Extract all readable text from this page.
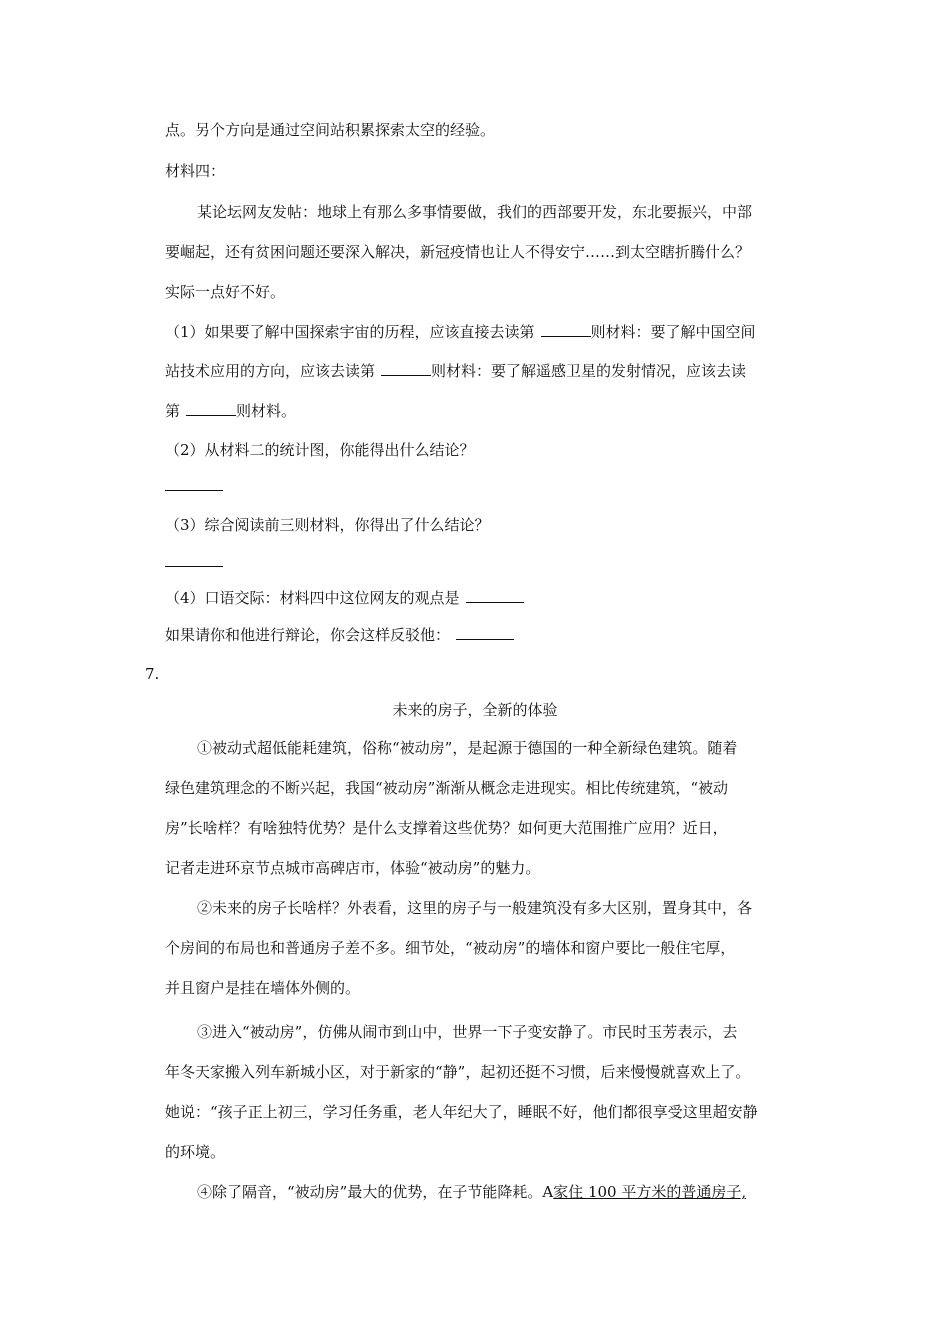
点。另个方向是通过空间站积累探索太空的经验。
材料四：
某论坛网友发帖：地球上有那么多事情要做，我们的西部要开发，东北要振兴，中部
要崛起，还有贫困问题还要深入解决，新冠疫情也让人不得安宁……到太空瞎折腾什么？
实际一点好不好。
（1）如果要了解中国探索宇宙的历程，应该直接去读第	则材料：要了解中国空间
站技术应用的方向，应该去读第	则材料：要了解遥感卫星的发射情况，应该去读
第	则材料。
（2）从材料二的统计图，你能得出什么结论？
（3）综合阅读前三则材料，你得出了什么结论？
（4）口语交际：材料四中这位网友的观点是
如果请你和他进行辩论，你会这样反驳他：
7.
未来的房子，全新的体验
①被动式超低能耗建筑，俗称“被动房”，是起源于德国的一种全新绿色建筑。随着
绿色建筑理念的不断兴起，我国“被动房”渐渐从概念走进现实。相比传统建筑，“被动
房”长啥样？有啥独特优势？是什么支撑着这些优势？如何更大范围推广应用？近日，
记者走进环京节点城市高碑店市，体验“被动房”的魅力。
②未来的房子长啥样？外表看，这里的房子与一般建筑没有多大区别，置身其中，各
个房间的布局也和普通房子差不多。细节处，“被动房”的墙体和窗户要比一般住宅厚，
并且窗户是挂在墙体外侧的。
③进入“被动房”，仿佛从闹市到山中，世界一下子变安静了。市民时玉芳表示，去
年冬天家搬入列车新城小区，对于新家的“静”，起初还挺不习惯，后来慢慢就喜欢上了。
她说：“孩子正上初三，学习任务重，老人年纪大了，睡眠不好，他们都很享受这里超安静
的环境。
④除了隔音，“被动房”最大的优势，在子节能降耗。A家住 100 平方米的普通房子,
